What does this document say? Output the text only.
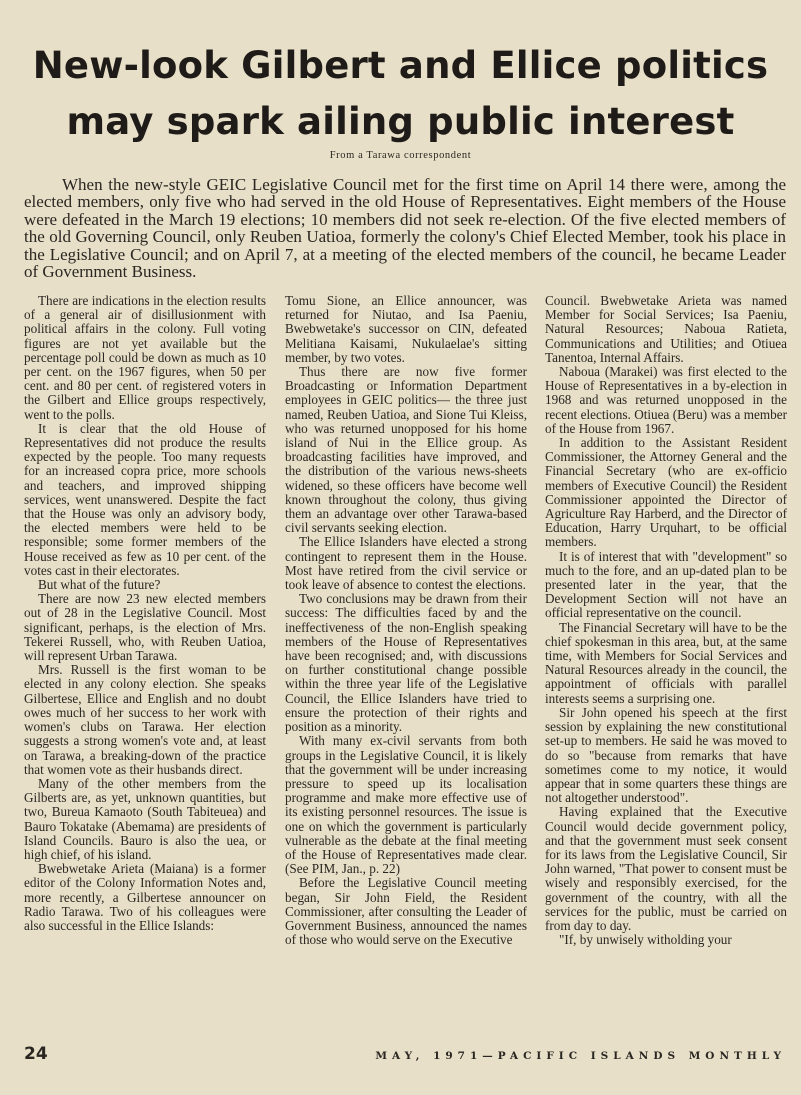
New-look Gilbert and Ellice politics may spark ailing public interest
From a Tarawa correspondent

When the new-style GEIC Legislative Council met for the first time on April 14 there were, among the elected members, only five who had served in the old House of Representatives. Eight members of the House were defeated in the March 19 elections; 10 members did not seek re-election. Of the five elected members of the old Governing Council, only Reuben Uatioa, formerly the colony's Chief Elected Member, took his place in the Legislative Council; and on April 7, at a meeting of the elected members of the council, he became Leader of Government Business.

There are indications in the election results of a general air of disillusionment with political affairs in the colony. Full voting figures are not yet available but the percentage poll could be down as much as 10 per cent. on the 1967 figures, when 50 per cent. and 80 per cent. of registered voters in the Gilbert and Ellice groups respectively, went to the polls.

It is clear that the old House of Representatives did not produce the results expected by the people. Too many requests for an increased copra price, more schools and teachers, and improved shipping services, went unanswered. Despite the fact that the House was only an advisory body, the elected members were held to be responsible; some former members of the House received as few as 10 per cent. of the votes cast in their electorates.

But what of the future?

There are now 23 new elected members out of 28 in the Legislative Council. Most significant, perhaps, is the election of Mrs. Tekerei Russell, who, with Reuben Uatioa, will represent Urban Tarawa.

Mrs. Russell is the first woman to be elected in any colony election. She speaks Gilbertese, Ellice and English and no doubt owes much of her success to her work with women's clubs on Tarawa. Her election suggests a strong women's vote and, at least on Tarawa, a breaking-down of the practice that women vote as their husbands direct.

Many of the other members from the Gilberts are, as yet, unknown quantities, but two, Bureua Kamaoto (South Tabiteuea) and Bauro Tokatake (Abemama) are presidents of Island Councils. Bauro is also the uea, or high chief, of his island.

Bwebwetake Arieta (Maiana) is a former editor of the Colony Information Notes and, more recently, a Gilbertese announcer on Radio Tarawa. Two of his colleagues were also successful in the Ellice Islands:

Tomu Sione, an Ellice announcer, was returned for Niutao, and Isa Paeniu, Bwebwetake's successor on CIN, defeated Melitiana Kaisami, Nukulaelae's sitting member, by two votes.

Thus there are now five former Broadcasting or Information Department employees in GEIC politics— the three just named, Reuben Uatioa, and Sione Tui Kleiss, who was returned unopposed for his home island of Nui in the Ellice group. As broadcasting facilities have improved, and the distribution of the various news-sheets widened, so these officers have become well known throughout the colony, thus giving them an advantage over other Tarawa-based civil servants seeking election.

The Ellice Islanders have elected a strong contingent to represent them in the House. Most have retired from the civil service or took leave of absence to contest the elections.

Two conclusions may be drawn from their success: The difficulties faced by and the ineffectiveness of the non-English speaking members of the House of Representatives have been recognised; and, with discussions on further constitutional change possible within the three year life of the Legislative Council, the Ellice Islanders have tried to ensure the protection of their rights and position as a minority.

With many ex-civil servants from both groups in the Legislative Council, it is likely that the government will be under increasing pressure to speed up its localisation programme and make more effective use of its existing personnel resources. The issue is one on which the government is particularly vulnerable as the debate at the final meeting of the House of Representatives made clear. (See PIM, Jan., p. 22)

Before the Legislative Council meeting began, Sir John Field, the Resident Commissioner, after consulting the Leader of Government Business, announced the names of those who would serve on the Executive

Council. Bwebwetake Arieta was named Member for Social Services; Isa Paeniu, Natural Resources; Naboua Ratieta, Communications and Utilities; and Otiuea Tanentoa, Internal Affairs.

Naboua (Marakei) was first elected to the House of Representatives in a by-election in 1968 and was returned unopposed in the recent elections. Otiuea (Beru) was a member of the House from 1967.

In addition to the Assistant Resident Commissioner, the Attorney General and the Financial Secretary (who are ex-officio members of Executive Council) the Resident Commissioner appointed the Director of Agriculture Ray Harberd, and the Director of Education, Harry Urquhart, to be official members.

It is of interest that with "development" so much to the fore, and an up-dated plan to be presented later in the year, that the Development Section will not have an official representative on the council.

The Financial Secretary will have to be the chief spokesman in this area, but, at the same time, with Members for Social Services and Natural Resources already in the council, the appointment of officials with parallel interests seems a surprising one.

Sir John opened his speech at the first session by explaining the new constitutional set-up to members. He said he was moved to do so "because from remarks that have sometimes come to my notice, it would appear that in some quarters these things are not altogether understood".

Having explained that the Executive Council would decide government policy, and that the government must seek consent for its laws from the Legislative Council, Sir John warned, "That power to consent must be wisely and responsibly exercised, for the government of the country, with all the services for the public, must be carried on from day to day.

"If, by unwisely witholding your

24	MAY, 1971—PACIFIC ISLANDS MONTHLY
